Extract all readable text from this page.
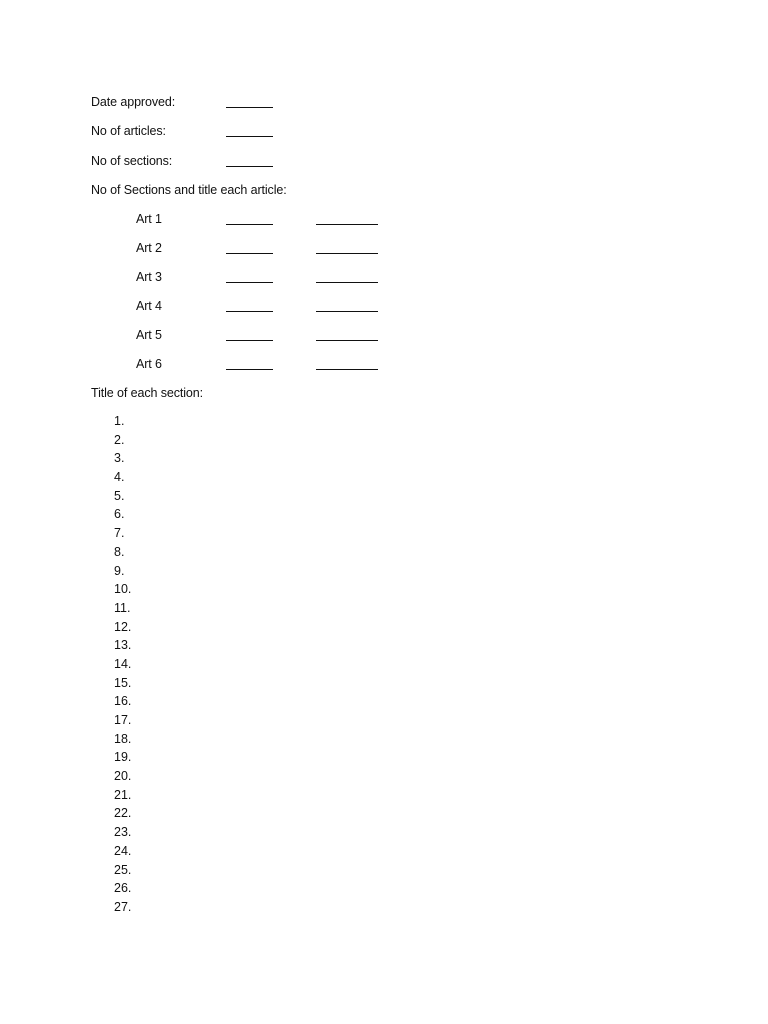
Date approved:
No of articles:
No of sections:
No of Sections and title each article:
Art 1
Art 2
Art 3
Art 4
Art 5
Art 6
Title of each section:
1.
2.
3.
4.
5.
6.
7.
8.
9.
10.
11.
12.
13.
14.
15.
16.
17.
18.
19.
20.
21.
22.
23.
24.
25.
26.
27.
